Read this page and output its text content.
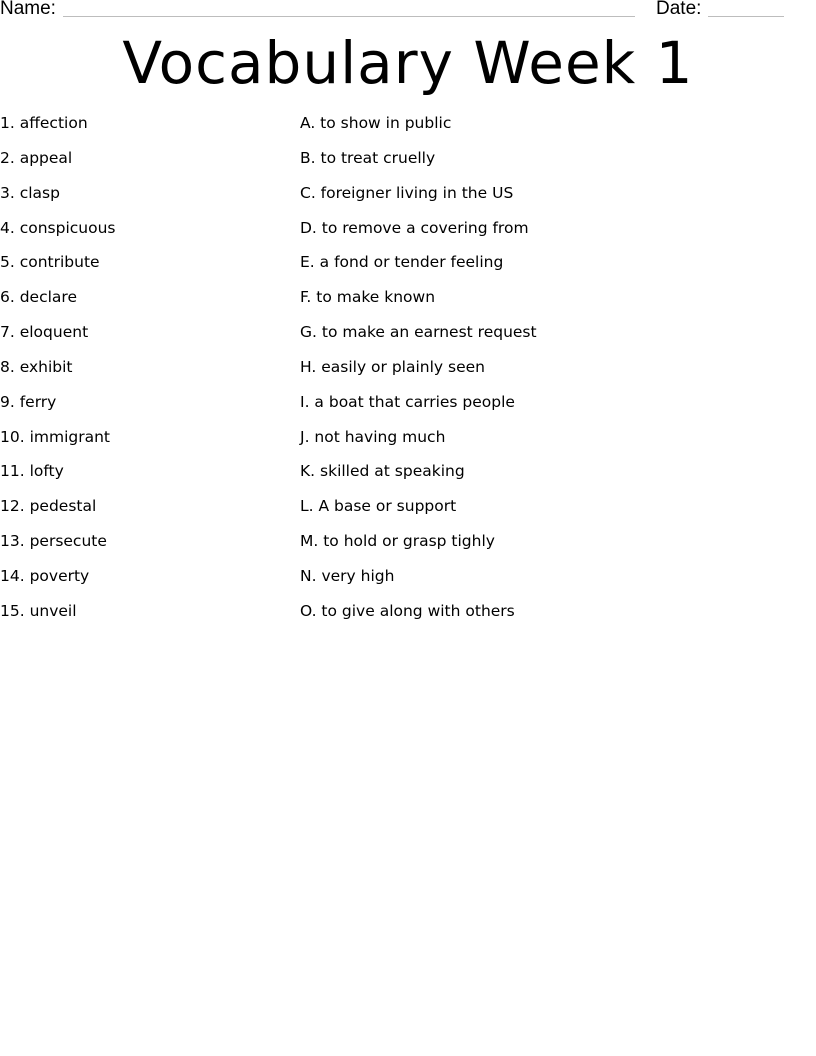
Name:	Date:
Vocabulary Week 1
1. affection
2. appeal
3. clasp
4. conspicuous
5. contribute
6. declare
7. eloquent
8. exhibit
9. ferry
10. immigrant
11. lofty
12. pedestal
13. persecute
14. poverty
15. unveil
A. to show in public
B. to treat cruelly
C. foreigner living in the US
D. to remove a covering from
E. a fond or tender feeling
F. to make known
G. to make an earnest request
H. easily or plainly seen
I. a boat that carries people
J. not having much
K. skilled at speaking
L. A base or support
M. to hold or grasp tighly
N. very high
O. to give along with others
